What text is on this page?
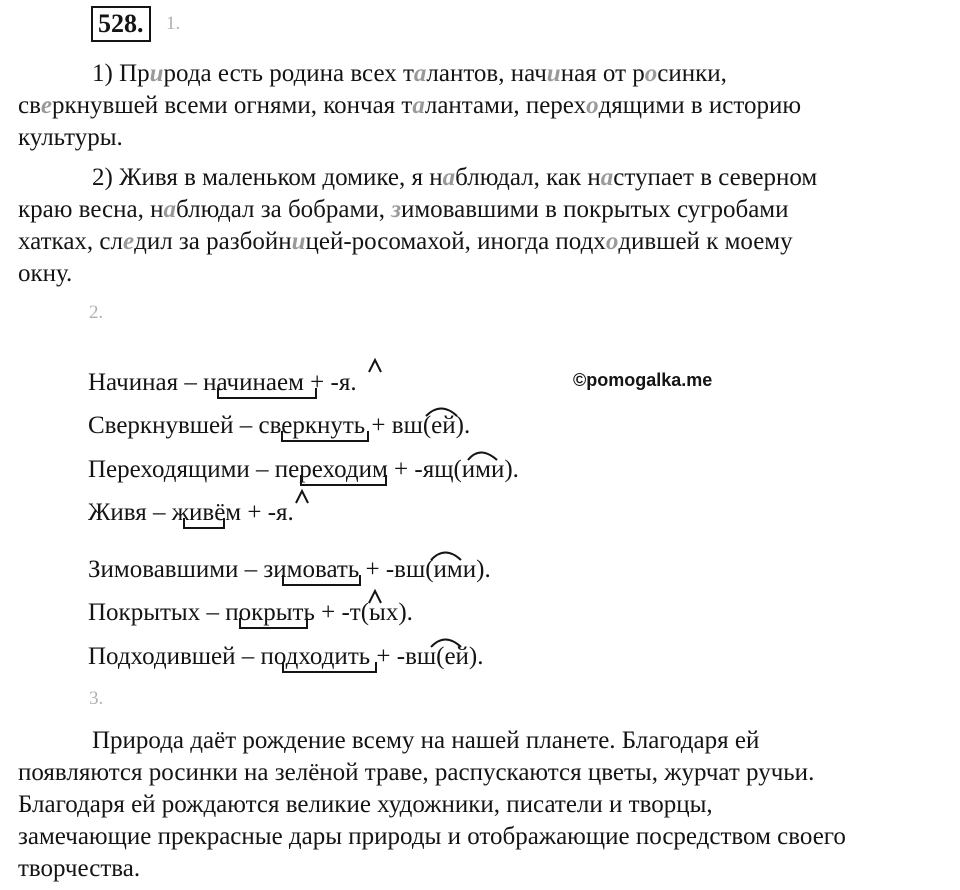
528.	1.
1) Природа есть родина всех талантов, начиная от росинки,
сверкнувшей всеми огнями, кончая талантами, переходящими в историю
культуры.
2) Живя в маленьком домике, я наблюдал, как наступает в северном
краю весна, наблюдал за бобрами, зимовавшими в покрытых сугробами
хатках, следил за разбойницей-росомахой, иногда подходившей к моему
окну.
2.
©pomogalka.me
Начиная – начинаем + -я.
Сверкнувшей – сверкнуть + вш(ей).
Переходящими – переходим + -ящ(ими).
Живя – живём + -я.
Зимовавшими – зимовать + -вш(ими).
Покрытых – покрыть + -т(ых).
Подходившей – подходить + -вш(ей).
3.
Природа даёт рождение всему на нашей планете. Благодаря ей
появляются росинки на зелёной траве, распускаются цветы, журчат ручьи.
Благодаря ей рождаются великие художники, писатели и творцы,
замечающие прекрасные дары природы и отображающие посредством своего
творчества.
